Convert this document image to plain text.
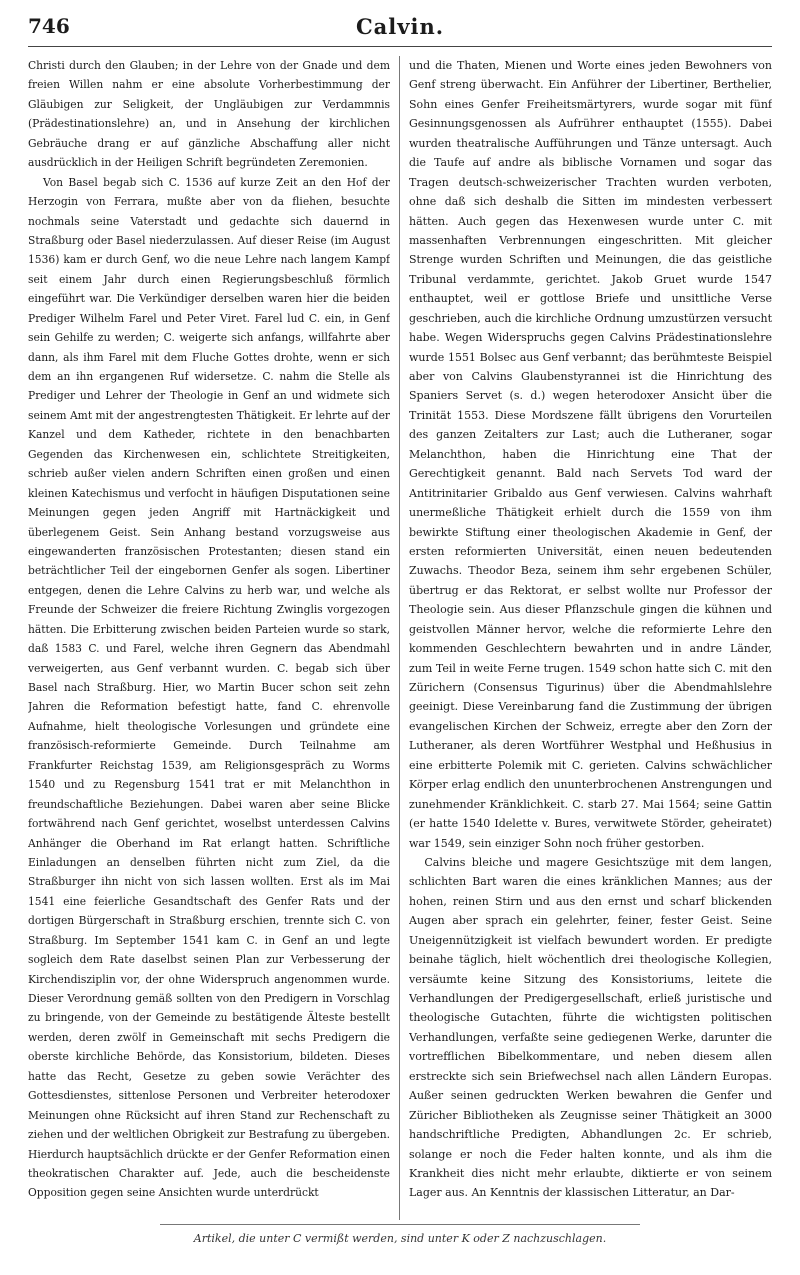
746	Calvin.

Christi durch den Glauben; in der Lehre von der Gnade und dem freien Willen nahm er eine absolute Vorherbestimmung der Gläubigen zur Seligkeit, der Ungläubigen zur Verdammnis (Prädestinationslehre) an, und in Ansehung der kirchlichen Gebräuche drang er auf gänzliche Abschaffung aller nicht ausdrücklich in der Heiligen Schrift begründeten Zeremonien.

Von Basel begab sich C. 1536 auf kurze Zeit an den Hof der Herzogin von Ferrara, mußte aber von da fliehen, besuchte nochmals seine Vaterstadt und gedachte sich dauernd in Straßburg oder Basel niederzulassen. Auf dieser Reise (im August 1536) kam er durch Genf, wo die neue Lehre nach langem Kampf seit einem Jahr durch einen Regierungsbeschluß förmlich eingeführt war. Die Verkündiger derselben waren hier die beiden Prediger Wilhelm Farel und Peter Viret. Farel lud C. ein, in Genf sein Gehilfe zu werden; C. weigerte sich anfangs, willfahrte aber dann, als ihm Farel mit dem Fluche Gottes drohte, wenn er sich dem an ihn ergangenen Ruf widersetze. C. nahm die Stelle als Prediger und Lehrer der Theologie in Genf an und widmete sich seinem Amt mit der angestrengtesten Thätigkeit. Er lehrte auf der Kanzel und dem Katheder, richtete in den benachbarten Gegenden das Kirchenwesen ein, schlichtete Streitigkeiten, schrieb außer vielen andern Schriften einen großen und einen kleinen Katechismus und verfocht in häufigen Disputationen seine Meinungen gegen jeden Angriff mit Hartnäckigkeit und überlegenem Geist. Sein Anhang bestand vorzugsweise aus eingewanderten französischen Protestanten; diesen stand ein beträchtlicher Teil der eingebornen Genfer als sogen. Libertiner entgegen, denen die Lehre Calvins zu herb war, und welche als Freunde der Schweizer die freiere Richtung Zwinglis vorgezogen hätten. Die Erbitterung zwischen beiden Parteien wurde so stark, daß 1583 C. und Farel, welche ihren Gegnern das Abendmahl verweigerten, aus Genf verbannt wurden. C. begab sich über Basel nach Straßburg. Hier, wo Martin Bucer schon seit zehn Jahren die Reformation befestigt hatte, fand C. ehrenvolle Aufnahme, hielt theologische Vorlesungen und gründete eine französisch-reformierte Gemeinde. Durch Teilnahme am Frankfurter Reichstag 1539, am Religionsgespräch zu Worms 1540 und zu Regensburg 1541 trat er mit Melanchthon in freundschaftliche Beziehungen. Dabei waren aber seine Blicke fortwährend nach Genf gerichtet, woselbst unterdessen Calvins Anhänger die Oberhand im Rat erlangt hatten. Schriftliche Einladungen an denselben führten nicht zum Ziel, da die Straßburger ihn nicht von sich lassen wollten. Erst als im Mai 1541 eine feierliche Gesandtschaft des Genfer Rats und der dortigen Bürgerschaft in Straßburg erschien, trennte sich C. von Straßburg. Im September 1541 kam C. in Genf an und legte sogleich dem Rate daselbst seinen Plan zur Verbesserung der Kirchendisziplin vor, der ohne Widerspruch angenommen wurde. Dieser Verordnung gemäß sollten von den Predigern in Vorschlag zu bringende, von der Gemeinde zu bestätigende Älteste bestellt werden, deren zwölf in Gemeinschaft mit sechs Predigern die oberste kirchliche Behörde, das Konsistorium, bildeten. Dieses hatte das Recht, Gesetze zu geben sowie Verächter des Gottesdienstes, sittenlose Personen und Verbreiter heterodoxer Meinungen ohne Rücksicht auf ihren Stand zur Rechenschaft zu ziehen und der weltlichen Obrigkeit zur Bestrafung zu übergeben. Hierdurch hauptsächlich drückte er der Genfer Reformation einen theokratischen Charakter auf. Jede, auch die bescheidenste Opposition gegen seine Ansichten wurde unterdrückt

und die Thaten, Mienen und Worte eines jeden Bewohners von Genf streng überwacht. Ein Anführer der Libertiner, Berthelier, Sohn eines Genfer Freiheitsmärtyrers, wurde sogar mit fünf Gesinnungsgenossen als Aufrührer enthauptet (1555). Dabei wurden theatralische Aufführungen und Tänze untersagt. Auch die Taufe auf andre als biblische Vornamen und sogar das Tragen deutsch-schweizerischer Trachten wurden verboten, ohne daß sich deshalb die Sitten im mindesten verbessert hätten. Auch gegen das Hexenwesen wurde unter C. mit massenhaften Verbrennungen eingeschritten. Mit gleicher Strenge wurden Schriften und Meinungen, die das geistliche Tribunal verdammte, gerichtet. Jakob Gruet wurde 1547 enthauptet, weil er gottlose Briefe und unsittliche Verse geschrieben, auch die kirchliche Ordnung umzustürzen versucht habe. Wegen Widerspruchs gegen Calvins Prädestinationslehre wurde 1551 Bolsec aus Genf verbannt; das berühmteste Beispiel aber von Calvins Glaubenstyrannei ist die Hinrichtung des Spaniers Servet (s. d.) wegen heterodoxer Ansicht über die Trinität 1553. Diese Mordszene fällt übrigens den Vorurteilen des ganzen Zeitalters zur Last; auch die Lutheraner, sogar Melanchthon, haben die Hinrichtung eine That der Gerechtigkeit genannt. Bald nach Servets Tod ward der Antitrinitarier Gribaldo aus Genf verwiesen. Calvins wahrhaft unermeßliche Thätigkeit erhielt durch die 1559 von ihm bewirkte Stiftung einer theologischen Akademie in Genf, der ersten reformierten Universität, einen neuen bedeutenden Zuwachs. Theodor Beza, seinem ihm sehr ergebenen Schüler, übertrug er das Rektorat, er selbst wollte nur Professor der Theologie sein. Aus dieser Pflanzschule gingen die kühnen und geistvollen Männer hervor, welche die reformierte Lehre den kommenden Geschlechtern bewahrten und in andre Länder, zum Teil in weite Ferne trugen. 1549 schon hatte sich C. mit den Zürichern (Consensus Tigurinus) über die Abendmahlslehre geeinigt. Diese Vereinbarung fand die Zustimmung der übrigen evangelischen Kirchen der Schweiz, erregte aber den Zorn der Lutheraner, als deren Wortführer Westphal und Heßhusius in eine erbitterte Polemik mit C. gerieten. Calvins schwächlicher Körper erlag endlich den ununterbrochenen Anstrengungen und zunehmender Kränklichkeit. C. starb 27. Mai 1564; seine Gattin (er hatte 1540 Idelette v. Bures, verwitwete Störder, geheiratet) war 1549, sein einziger Sohn noch früher gestorben.

Calvins bleiche und magere Gesichtszüge mit dem langen, schlichten Bart waren die eines kränklichen Mannes; aus der hohen, reinen Stirn und aus den ernst und scharf blickenden Augen aber sprach ein gelehrter, feiner, fester Geist. Seine Uneigennützigkeit ist vielfach bewundert worden. Er predigte beinahe täglich, hielt wöchentlich drei theologische Kollegien, versäumte keine Sitzung des Konsistoriums, leitete die Verhandlungen der Predigergesellschaft, erließ juristische und theologische Gutachten, führte die wichtigsten politischen Verhandlungen, verfaßte seine gediegenen Werke, darunter die vortrefflichen Bibelkommentare, und neben diesem allen erstreckte sich sein Briefwechsel nach allen Ländern Europas. Außer seinen gedruckten Werken bewahren die Genfer und Züricher Bibliotheken als Zeugnisse seiner Thätigkeit an 3000 handschriftliche Predigten, Abhandlungen 2c. Er schrieb, solange er noch die Feder halten konnte, und als ihm die Krankheit dies nicht mehr erlaubte, diktierte er von seinem Lager aus. An Kenntnis der klassischen Litteratur, an Dar-

Artikel, die unter C vermißt werden, sind unter K oder Z nachzuschlagen.
